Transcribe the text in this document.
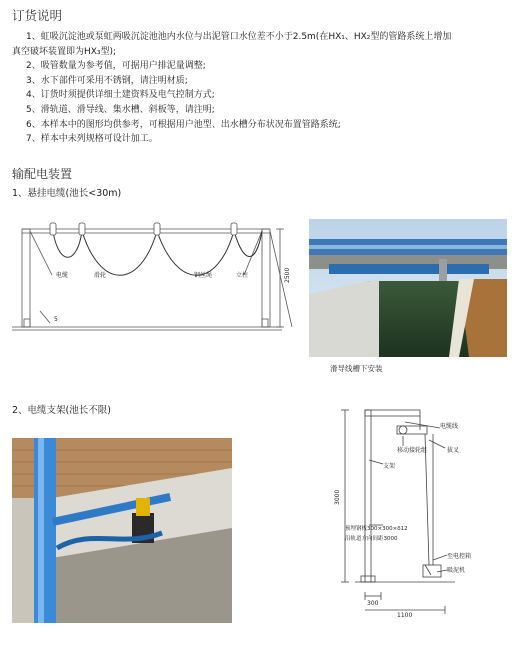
订货说明
1、虹吸沉淀池或泵虹两吸沉淀池池内水位与出泥管口水位差不小于2.5m(在HX₁、HX₂型的管路系统上增加
真空破坏装置即为HX₃型);
2、吸管数量为参考值，可据用户排泥量调整;
3、水下部件可采用不锈钢，请注明材质;
4、订货时须提供详细土建资料及电气控制方式;
5、滑轨道、滑导线、集水槽、斜板等，请注明;
6、本样本中的图形均供参考，可根据用户池型、出水槽分布状况布置管路系统;
7、样本中未列规格可设计加工。
输配电装置
1、悬挂电缆(池长<30m)
电缆	滑轮	钢丝绳	立柱
5
2500
滑导线槽下安装
2、电缆支架(池长不限)
电缆线
移动接轮组	拔叉
支架
预埋钢板300×300×δ12
沿轨道方向间距3000
至电控箱
吸泥机
3000
300
1100
